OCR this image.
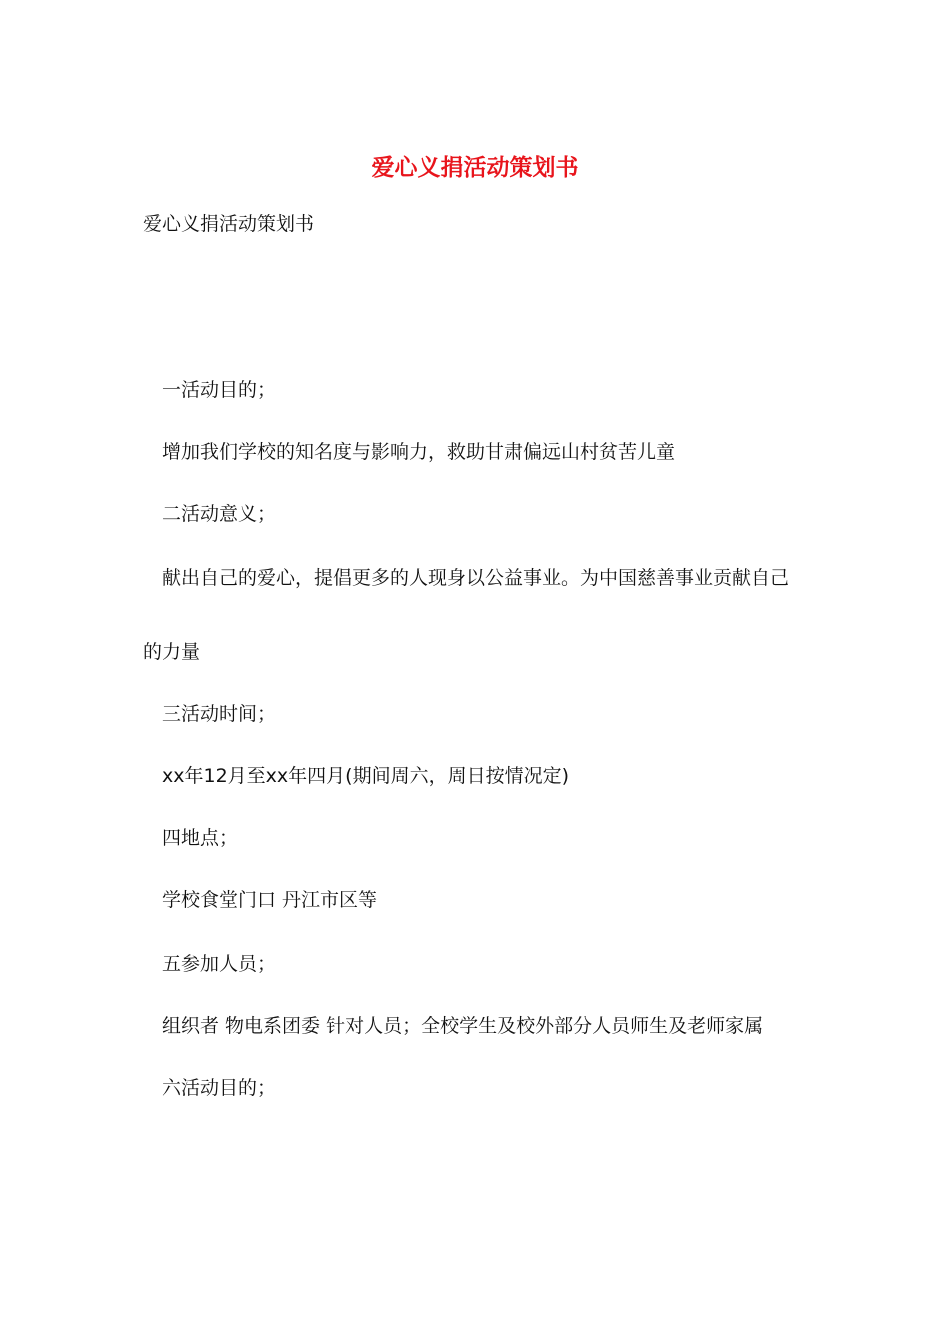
爱心义捐活动策划书

爱心义捐活动策划书

一活动目的；

增加我们学校的知名度与影响力，救助甘肃偏远山村贫苦儿童

二活动意义；

献出自己的爱心，提倡更多的人现身以公益事业。为中国慈善事业贡献自己

的力量

三活动时间；

xx年12月至xx年四月(期间周六，周日按情况定)

四地点；

学校食堂门口 丹江市区等

五参加人员；

组织者 物电系团委 针对人员；全校学生及校外部分人员师生及老师家属

六活动目的；
